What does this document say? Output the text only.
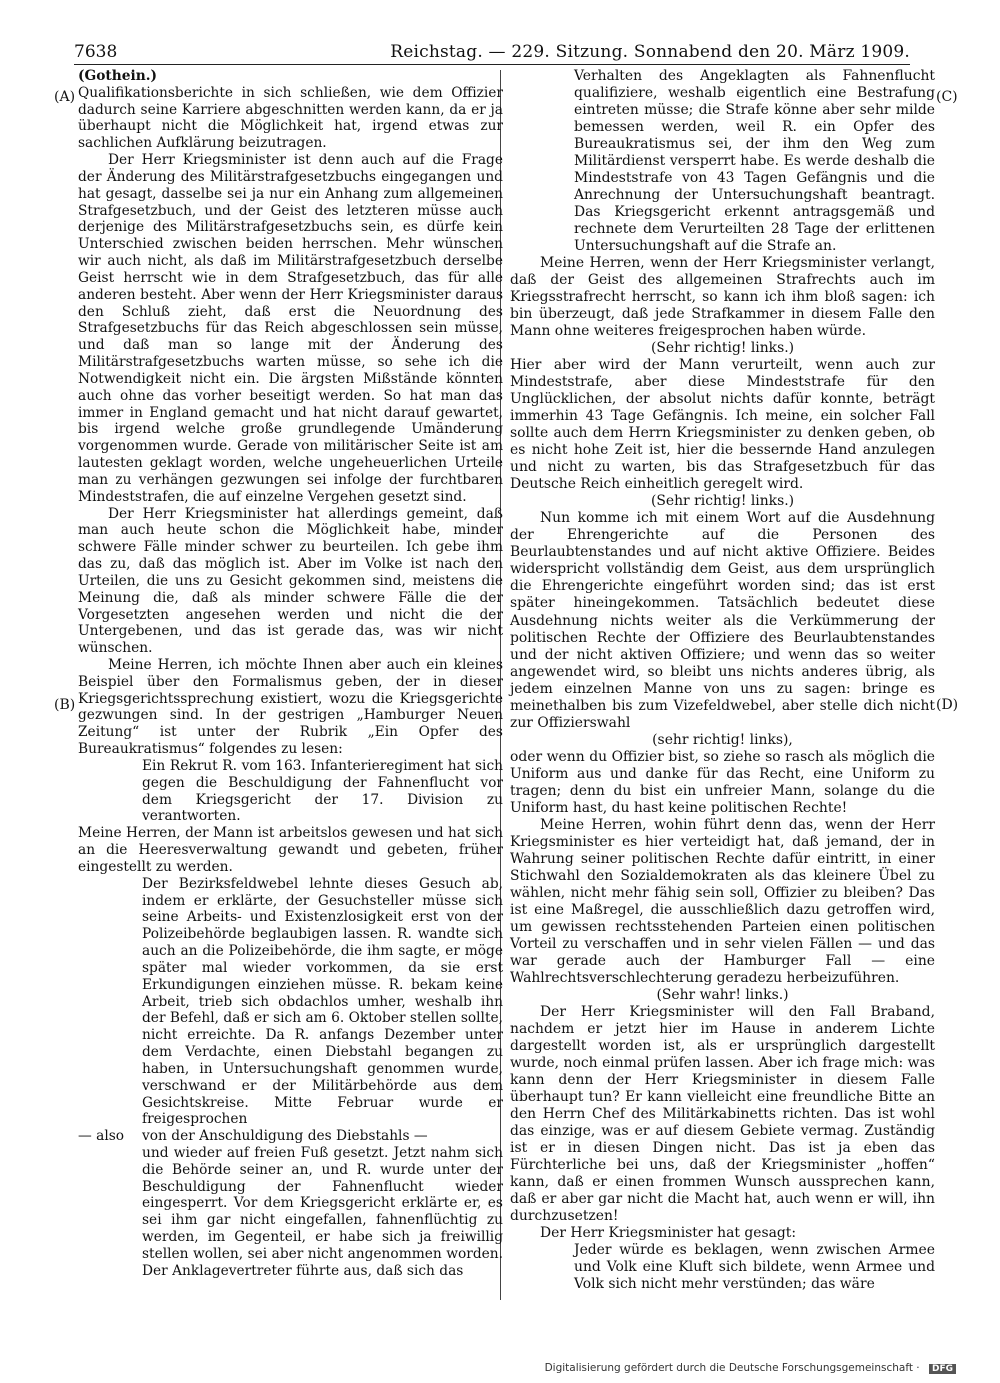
7638	Reichstag. — 229. Sitzung. Sonnabend den 20. März 1909.
(A)
(B)
(C)
(D)

(Gothein.)

Qualifikationsberichte in sich schließen, wie dem Offizier dadurch seine Karriere abgeschnitten werden kann, da er ja überhaupt nicht die Möglichkeit hat, irgend etwas zur sachlichen Aufklärung beizutragen.

Der Herr Kriegsminister ist denn auch auf die Frage der Änderung des Militärstrafgesetzbuchs eingegangen und hat gesagt, dasselbe sei ja nur ein Anhang zum allgemeinen Strafgesetzbuch, und der Geist des letzteren müsse auch derjenige des Militärstrafgesetzbuchs sein, es dürfe kein Unterschied zwischen beiden herrschen. Mehr wünschen wir auch nicht, als daß im Militärstrafgesetzbuch derselbe Geist herrscht wie in dem Strafgesetzbuch, das für alle anderen besteht. Aber wenn der Herr Kriegsminister daraus den Schluß zieht, daß erst die Neuordnung des Strafgesetzbuchs für das Reich abgeschlossen sein müsse, und daß man so lange mit der Änderung des Militärstrafgesetzbuchs warten müsse, so sehe ich die Notwendigkeit nicht ein. Die ärgsten Mißstände könnten auch ohne das vorher beseitigt werden. So hat man das immer in England gemacht und hat nicht darauf gewartet, bis irgend welche große grundlegende Umänderung vorgenommen wurde. Gerade von militärischer Seite ist am lautesten geklagt worden, welche ungeheuerlichen Urteile man zu verhängen gezwungen sei infolge der furchtbaren Mindeststrafen, die auf einzelne Vergehen gesetzt sind.

Der Herr Kriegsminister hat allerdings gemeint, daß man auch heute schon die Möglichkeit habe, minder schwere Fälle minder schwer zu beurteilen. Ich gebe ihm das zu, daß das möglich ist. Aber im Volke ist nach den Urteilen, die uns zu Gesicht gekommen sind, meistens die Meinung die, daß als minder schwere Fälle die der Vorgesetzten angesehen werden und nicht die der Untergebenen, und das ist gerade das, was wir nicht wünschen.

Meine Herren, ich möchte Ihnen aber auch ein kleines Beispiel über den Formalismus geben, der in dieser Kriegsgerichtssprechung existiert, wozu die Kriegsgerichte gezwungen sind. In der gestrigen „Hamburger Neuen Zeitung“ ist unter der Rubrik „Ein Opfer des Bureaukratismus“ folgendes zu lesen:

Ein Rekrut R. vom 163. Infanterieregiment hat sich gegen die Beschuldigung der Fahnenflucht vor dem Kriegsgericht der 17. Division zu verantworten.

Meine Herren, der Mann ist arbeitslos gewesen und hat sich an die Heeresverwaltung gewandt und gebeten, früher eingestellt zu werden.

Der Bezirksfeldwebel lehnte dieses Gesuch ab, indem er erklärte, der Gesuchsteller müsse sich seine Arbeits- und Existenzlosigkeit erst von der Polizeibehörde beglaubigen lassen. R. wandte sich auch an die Polizeibehörde, die ihm sagte, er möge später mal wieder vorkommen, da sie erst Erkundigungen einziehen müsse. R. bekam keine Arbeit, trieb sich obdachlos umher, weshalb ihn der Befehl, daß er sich am 6. Oktober stellen sollte, nicht erreichte. Da R. anfangs Dezember unter dem Verdachte, einen Diebstahl begangen zu haben, in Untersuchungshaft genommen wurde, verschwand er der Militärbehörde aus dem Gesichtskreise. Mitte Februar wurde er freigesprochen

— also von der Anschuldigung des Diebstahls —

und wieder auf freien Fuß gesetzt. Jetzt nahm sich die Behörde seiner an, und R. wurde unter der Beschuldigung der Fahnenflucht wieder eingesperrt. Vor dem Kriegsgericht erklärte er, es sei ihm gar nicht eingefallen, fahnenflüchtig zu werden, im Gegenteil, er habe sich ja freiwillig stellen wollen, sei aber nicht angenommen worden. Der Anklagevertreter führte aus, daß sich das

Verhalten des Angeklagten als Fahnenflucht qualifiziere, weshalb eigentlich eine Bestrafung eintreten müsse; die Strafe könne aber sehr milde bemessen werden, weil R. ein Opfer des Bureaukratismus sei, der ihm den Weg zum Militärdienst versperrt habe. Es werde deshalb die Mindeststrafe von 43 Tagen Gefängnis und die Anrechnung der Untersuchungshaft beantragt. Das Kriegsgericht erkennt antragsgemäß und rechnete dem Verurteilten 28 Tage der erlittenen Untersuchungshaft auf die Strafe an.

Meine Herren, wenn der Herr Kriegsminister verlangt, daß der Geist des allgemeinen Strafrechts auch im Kriegsstrafrecht herrscht, so kann ich ihm bloß sagen: ich bin überzeugt, daß jede Strafkammer in diesem Falle den Mann ohne weiteres freigesprochen haben würde.

(Sehr richtig! links.)

Hier aber wird der Mann verurteilt, wenn auch zur Mindeststrafe, aber diese Mindeststrafe für den Unglücklichen, der absolut nichts dafür konnte, beträgt immerhin 43 Tage Gefängnis. Ich meine, ein solcher Fall sollte auch dem Herrn Kriegsminister zu denken geben, ob es nicht hohe Zeit ist, hier die bessernde Hand anzulegen und nicht zu warten, bis das Strafgesetzbuch für das Deutsche Reich einheitlich geregelt wird.

(Sehr richtig! links.)

Nun komme ich mit einem Wort auf die Ausdehnung der Ehrengerichte auf die Personen des Beurlaubtenstandes und auf nicht aktive Offiziere. Beides widerspricht vollständig dem Geist, aus dem ursprünglich die Ehrengerichte eingeführt worden sind; das ist erst später hineingekommen. Tatsächlich bedeutet diese Ausdehnung nichts weiter als die Verkümmerung der politischen Rechte der Offiziere des Beurlaubtenstandes und der nicht aktiven Offiziere; und wenn das so weiter angewendet wird, so bleibt uns nichts anderes übrig, als jedem einzelnen Manne von uns zu sagen: bringe es meinethalben bis zum Vizefeldwebel, aber stelle dich nicht zur Offizierswahl

(sehr richtig! links),

oder wenn du Offizier bist, so ziehe so rasch als möglich die Uniform aus und danke für das Recht, eine Uniform zu tragen; denn du bist ein unfreier Mann, solange du die Uniform hast, du hast keine politischen Rechte!

Meine Herren, wohin führt denn das, wenn der Herr Kriegsminister es hier verteidigt hat, daß jemand, der in Wahrung seiner politischen Rechte dafür eintritt, in einer Stichwahl den Sozialdemokraten als das kleinere Übel zu wählen, nicht mehr fähig sein soll, Offizier zu bleiben? Das ist eine Maßregel, die ausschließlich dazu getroffen wird, um gewissen rechtsstehenden Parteien einen politischen Vorteil zu verschaffen und in sehr vielen Fällen — und das war gerade auch der Hamburger Fall — eine Wahlrechtsverschlechterung geradezu herbeizuführen.

(Sehr wahr! links.)

Der Herr Kriegsminister will den Fall Braband, nachdem er jetzt hier im Hause in anderem Lichte dargestellt worden ist, als er ursprünglich dargestellt wurde, noch einmal prüfen lassen. Aber ich frage mich: was kann denn der Herr Kriegsminister in diesem Falle überhaupt tun? Er kann vielleicht eine freundliche Bitte an den Herrn Chef des Militärkabinetts richten. Das ist wohl das einzige, was er auf diesem Gebiete vermag. Zuständig ist er in diesen Dingen nicht. Das ist ja eben das Fürchterliche bei uns, daß der Kriegsminister „hoffen“ kann, daß er einen frommen Wunsch aussprechen kann, daß er aber gar nicht die Macht hat, auch wenn er will, ihn durchzusetzen!

Der Herr Kriegsminister hat gesagt:

Jeder würde es beklagen, wenn zwischen Armee und Volk eine Kluft sich bildete, wenn Armee und Volk sich nicht mehr verstünden; das wäre

Digitalisierung gefördert durch die Deutsche Forschungsgemeinschaft · DFG
